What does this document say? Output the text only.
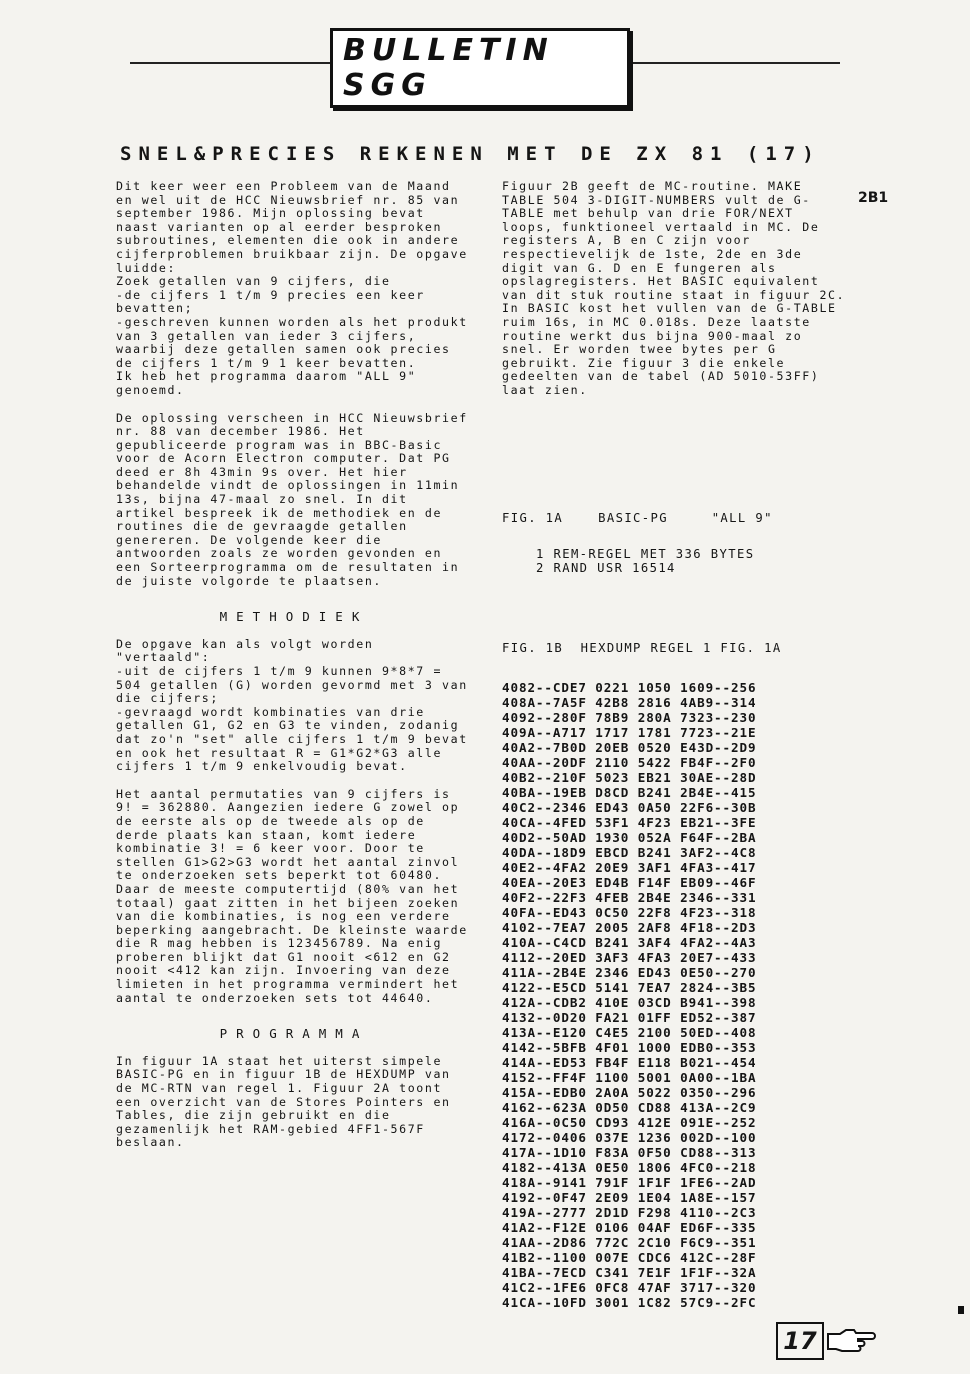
BULLETIN SGG
SNEL&PRECIES REKENEN MET DE ZX 81 (17)
2B1

Dit keer weer een Probleem van de Maand en wel uit de HCC Nieuwsbrief nr. 85 van september 1986. Mijn oplossing bevat naast varianten op al eerder besproken subroutines, elementen die ook in andere cijferproblemen bruikbaar zijn. De opgave luidde:

Zoek getallen van 9 cijfers, die

-de cijfers 1 t/m 9 precies een keer bevatten;

-geschreven kunnen worden als het produkt van 3 getallen van ieder 3 cijfers, waarbij deze getallen samen ook precies de cijfers 1 t/m 9 1 keer bevatten.

Ik heb het programma daarom "ALL 9" genoemd.

De oplossing verscheen in HCC Nieuwsbrief nr. 88 van december 1986. Het gepubliceerde program was in BBC-Basic voor de Acorn Electron computer. Dat PG deed er 8h 43min 9s over. Het hier behandelde vindt de oplossingen in 11min 13s, bijna 47-maal zo snel. In dit artikel bespreek ik de methodiek en de routines die de gevraagde getallen genereren. De volgende keer die antwoorden zoals ze worden gevonden en een Sorteerprogramma om de resultaten in de juiste volgorde te plaatsen.

METHODIEK

De opgave kan als volgt worden "vertaald":

-uit de cijfers 1 t/m 9 kunnen 9*8*7 = 504 getallen (G) worden gevormd met 3 van die cijfers;

-gevraagd wordt kombinaties van drie getallen G1, G2 en G3 te vinden, zodanig dat zo'n "set" alle cijfers 1 t/m 9 bevat en ook het resultaat R = G1*G2*G3 alle cijfers 1 t/m 9 enkelvoudig bevat.

Het aantal permutaties van 9 cijfers is 9! = 362880. Aangezien iedere G zowel op de eerste als op de tweede als op de derde plaats kan staan, komt iedere kombinatie 3! = 6 keer voor. Door te stellen G1>G2>G3 wordt het aantal zinvol te onderzoeken sets beperkt tot 60480. Daar de meeste computertijd (80% van het totaal) gaat zitten in het bijeen zoeken van die kombinaties, is nog een verdere beperking aangebracht. De kleinste waarde die R mag hebben is 123456789. Na enig proberen blijkt dat G1 nooit <612 en G2 nooit <412 kan zijn. Invoering van deze limieten in het programma vermindert het aantal te onderzoeken sets tot 44640.

PROGRAMMA

In figuur 1A staat het uiterst simpele BASIC-PG en in figuur 1B de HEXDUMP van de MC-RTN van regel 1. Figuur 2A toont een overzicht van de Stores Pointers en Tables, die zijn gebruikt en die gezamenlijk het RAM-gebied 4FF1-567F beslaan.

Figuur 2B geeft de MC-routine. MAKE TABLE 504 3-DIGIT-NUMBERS vult de G-TABLE met behulp van drie FOR/NEXT loops, funktioneel vertaald in MC. De registers A, B en C zijn voor respectievelijk de 1ste, 2de en 3de digit van G. D en E fungeren als opslagregisters. Het BASIC equivalent van dit stuk routine staat in figuur 2C. In BASIC kost het vullen van de G-TABLE ruim 16s, in MC 0.018s. Deze laatste routine werkt dus bijna 900-maal zo snel. Er worden twee bytes per G gebruikt. Zie figuur 3 die enkele gedeelten van de tabel (AD 5010-53FF) laat zien.

FIG. 1A    BASIC-PG     "ALL 9"
1 REM-REGEL MET 336 BYTES
2 RAND USR 16514
FIG. 1B  HEXDUMP REGEL 1 FIG. 1A
4082--CDE7 0221 1050 1609--256
408A--7A5F 42B8 2816 4AB9--314
4092--280F 78B9 280A 7323--230
409A--A717 1717 1781 7723--21E
40A2--7B0D 20EB 0520 E43D--2D9
40AA--20DF 2110 5422 FB4F--2F0
40B2--210F 5023 EB21 30AE--28D
40BA--19EB D8CD B241 2B4E--415
40C2--2346 ED43 0A50 22F6--30B
40CA--4FED 53F1 4F23 EB21--3FE
40D2--50AD 1930 052A F64F--2BA
40DA--18D9 EBCD B241 3AF2--4C8
40E2--4FA2 20E9 3AF1 4FA3--417
40EA--20E3 ED4B F14F EB09--46F
40F2--22F3 4FEB 2B4E 2346--331
40FA--ED43 0C50 22F8 4F23--318
4102--7EA7 2005 2AF8 4F18--2D3
410A--C4CD B241 3AF4 4FA2--4A3
4112--20ED 3AF3 4FA3 20E7--433
411A--2B4E 2346 ED43 0E50--270
4122--E5CD 5141 7EA7 2824--3B5
412A--CDB2 410E 03CD B941--398
4132--0D20 FA21 01FF ED52--387
413A--E120 C4E5 2100 50ED--408
4142--5BFB 4F01 1000 EDB0--353
414A--ED53 FB4F E118 B021--454
4152--FF4F 1100 5001 0A00--1BA
415A--EDB0 2A0A 5022 0350--296
4162--623A 0D50 CD88 413A--2C9
416A--0C50 CD93 412E 091E--252
4172--0406 037E 1236 002D--100
417A--1D10 F83A 0F50 CD88--313
4182--413A 0E50 1806 4FC0--218
418A--9141 791F 1F1F 1FE6--2AD
4192--0F47 2E09 1E04 1A8E--157
419A--2777 2D1D F298 4110--2C3
41A2--F12E 0106 04AF ED6F--335
41AA--2D86 772C 2C10 F6C9--351
41B2--1100 007E CDC6 412C--28F
41BA--7ECD C341 7E1F 1F1F--32A
41C2--1FE6 0FC8 47AF 3717--320
41CA--10FD 3001 1C82 57C9--2FC
17
